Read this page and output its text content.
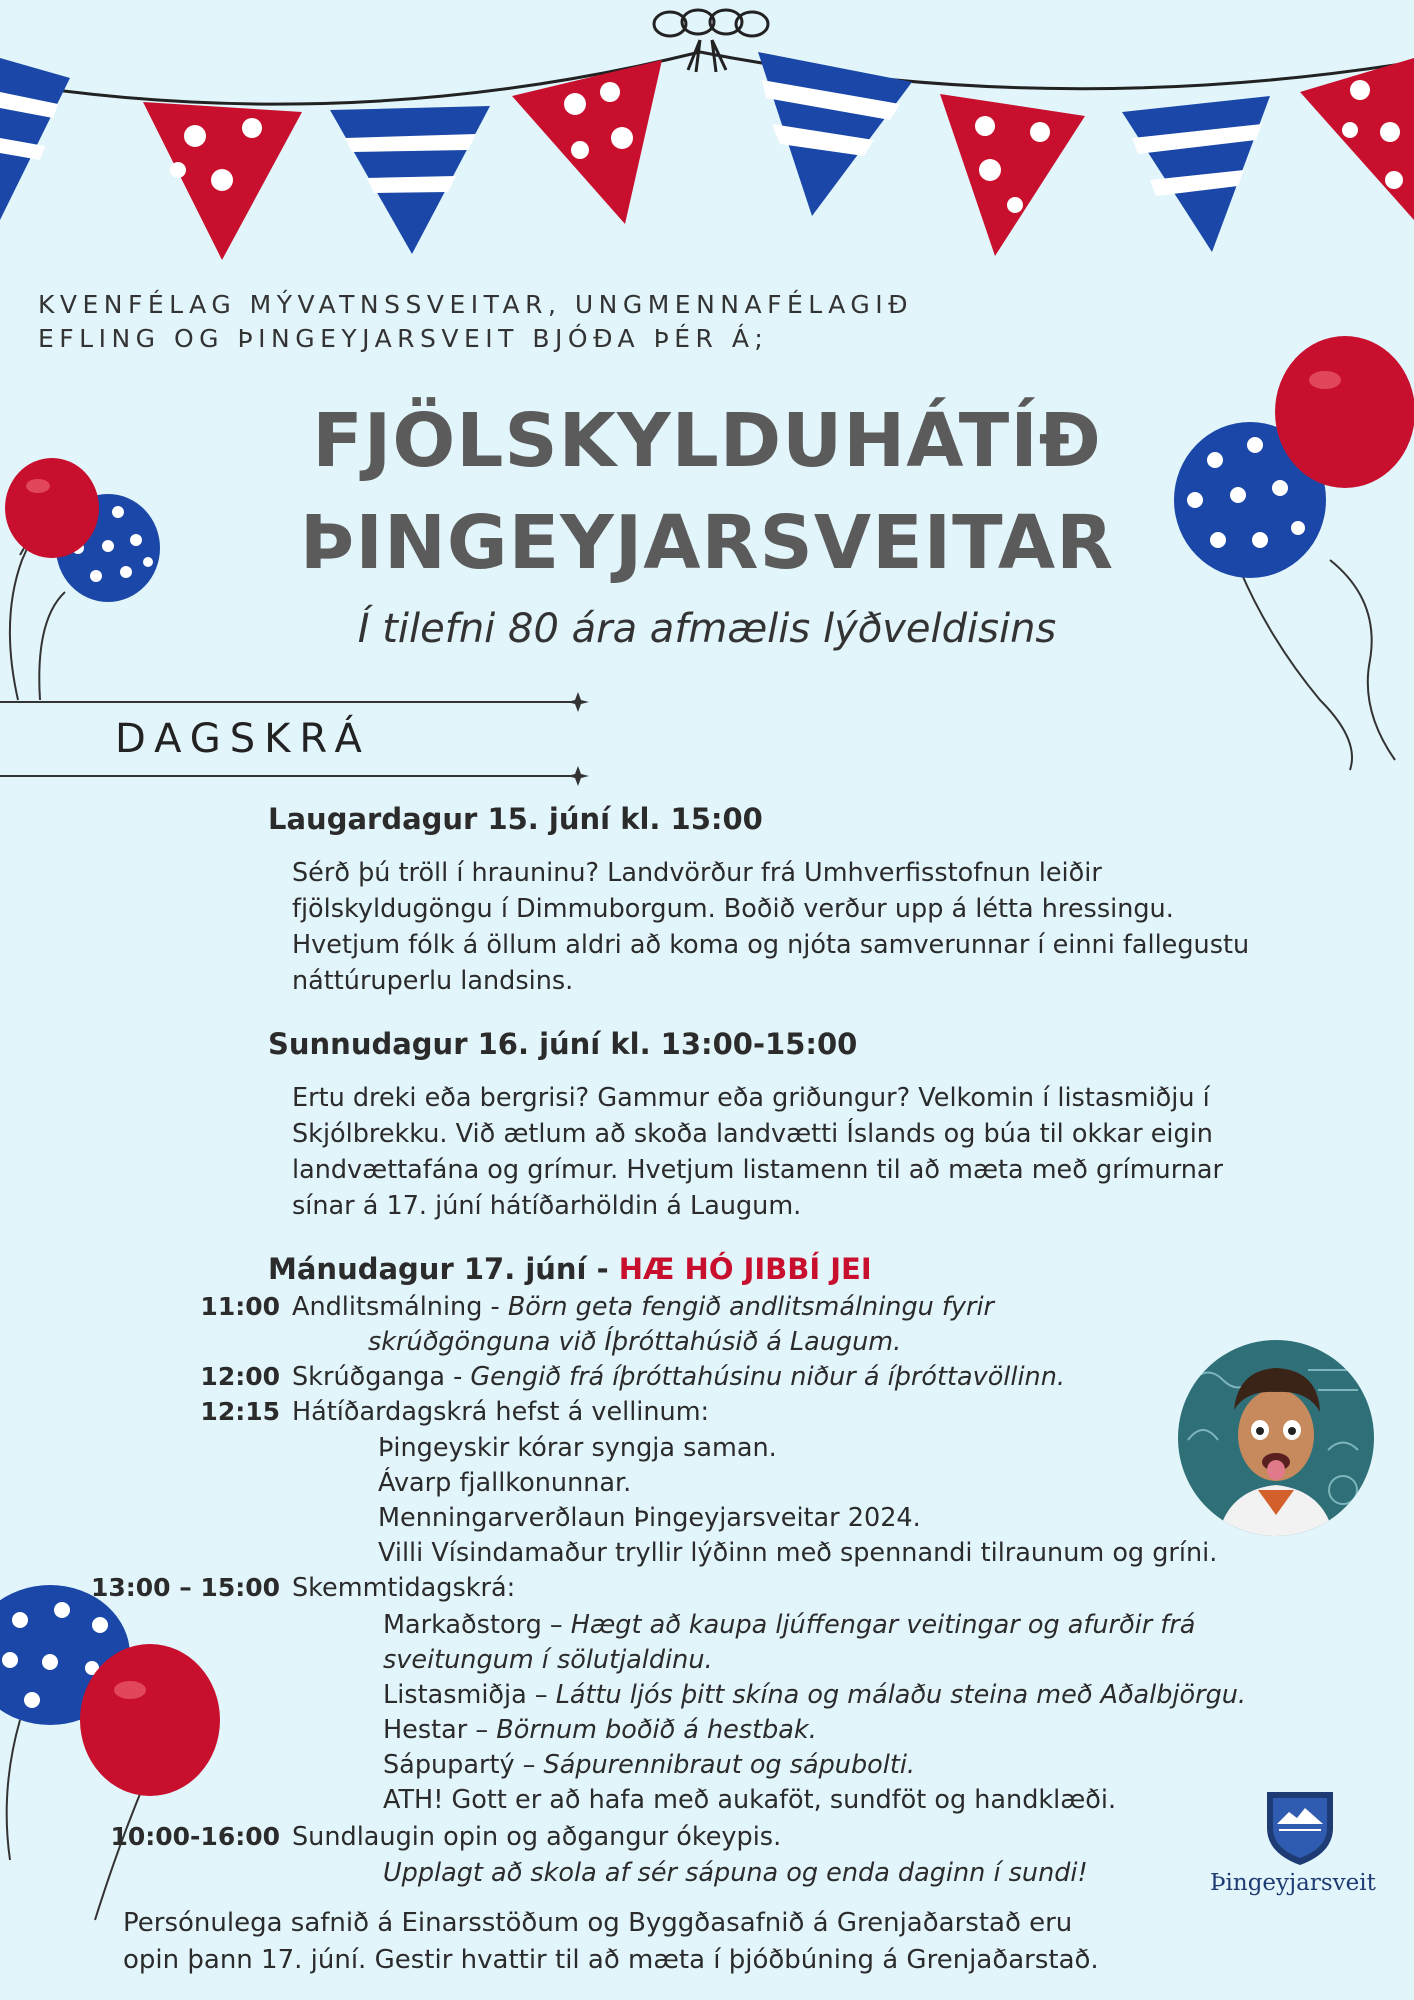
KVENFÉLAG MÝVATNSSVEITAR, UNGMENNAFÉLAGIÐ
EFLING OG ÞINGEYJARSVEIT BJÓÐA ÞÉR Á;
FJÖLSKYLDUHÁTÍÐ
ÞINGEYJARSVEITAR
Í tilefni 80 ára afmælis lýðveldisins
DAGSKRÁ
Laugardagur 15. júní kl. 15:00
Sérð þú tröll í hrauninu? Landvörður frá Umhverfisstofnun leiðir
fjölskyldugöngu í Dimmuborgum. Boðið verður upp á létta hressingu.
Hvetjum fólk á öllum aldri að koma og njóta samverunnar í einni fallegustu
náttúruperlu landsins.
Sunnudagur 16. júní kl. 13:00-15:00
Ertu dreki eða bergrisi? Gammur eða griðungur? Velkomin í listasmiðju í
Skjólbrekku. Við ætlum að skoða landvætti Íslands og búa til okkar eigin
landvættafána og grímur. Hvetjum listamenn til að mæta með grímurnar
sínar á 17. júní hátíðarhöldin á Laugum.
Mánudagur 17. júní - HÆ HÓ JIBBÍ JEI
11:00 Andlitsmálning - Börn geta fengið andlitsmálningu fyrir
skrúðgönguna við Íþróttahúsið á Laugum.
12:00 Skrúðganga - Gengið frá íþróttahúsinu niður á íþróttavöllinn.
12:15 Hátíðardagskrá hefst á vellinum:
Þingeyskir kórar syngja saman.
Ávarp fjallkonunnar.
Menningarverðlaun Þingeyjarsveitar 2024.
Villi Vísindamaður tryllir lýðinn með spennandi tilraunum og gríni.
13:00 – 15:00 Skemmtidagskrá:
Markaðstorg – Hægt að kaupa ljúffengar veitingar og afurðir frá
sveitungum í sölutjaldinu.
Listasmiðja – Láttu ljós þitt skína og málaðu steina með Aðalbjörgu.
Hestar – Börnum boðið á hestbak.
Sápupartý – Sápurennibraut og sápubolti.
ATH! Gott er að hafa með aukaföt, sundföt og handklæði.
10:00-16:00 Sundlaugin opin og aðgangur ókeypis.
Upplagt að skola af sér sápuna og enda daginn í sundi!
Persónulega safnið á Einarsstöðum og Byggðasafnið á Grenjaðarstað eru
opin þann 17. júní. Gestir hvattir til að mæta í þjóðbúning á Grenjaðarstað.
Þingeyjarsveit
